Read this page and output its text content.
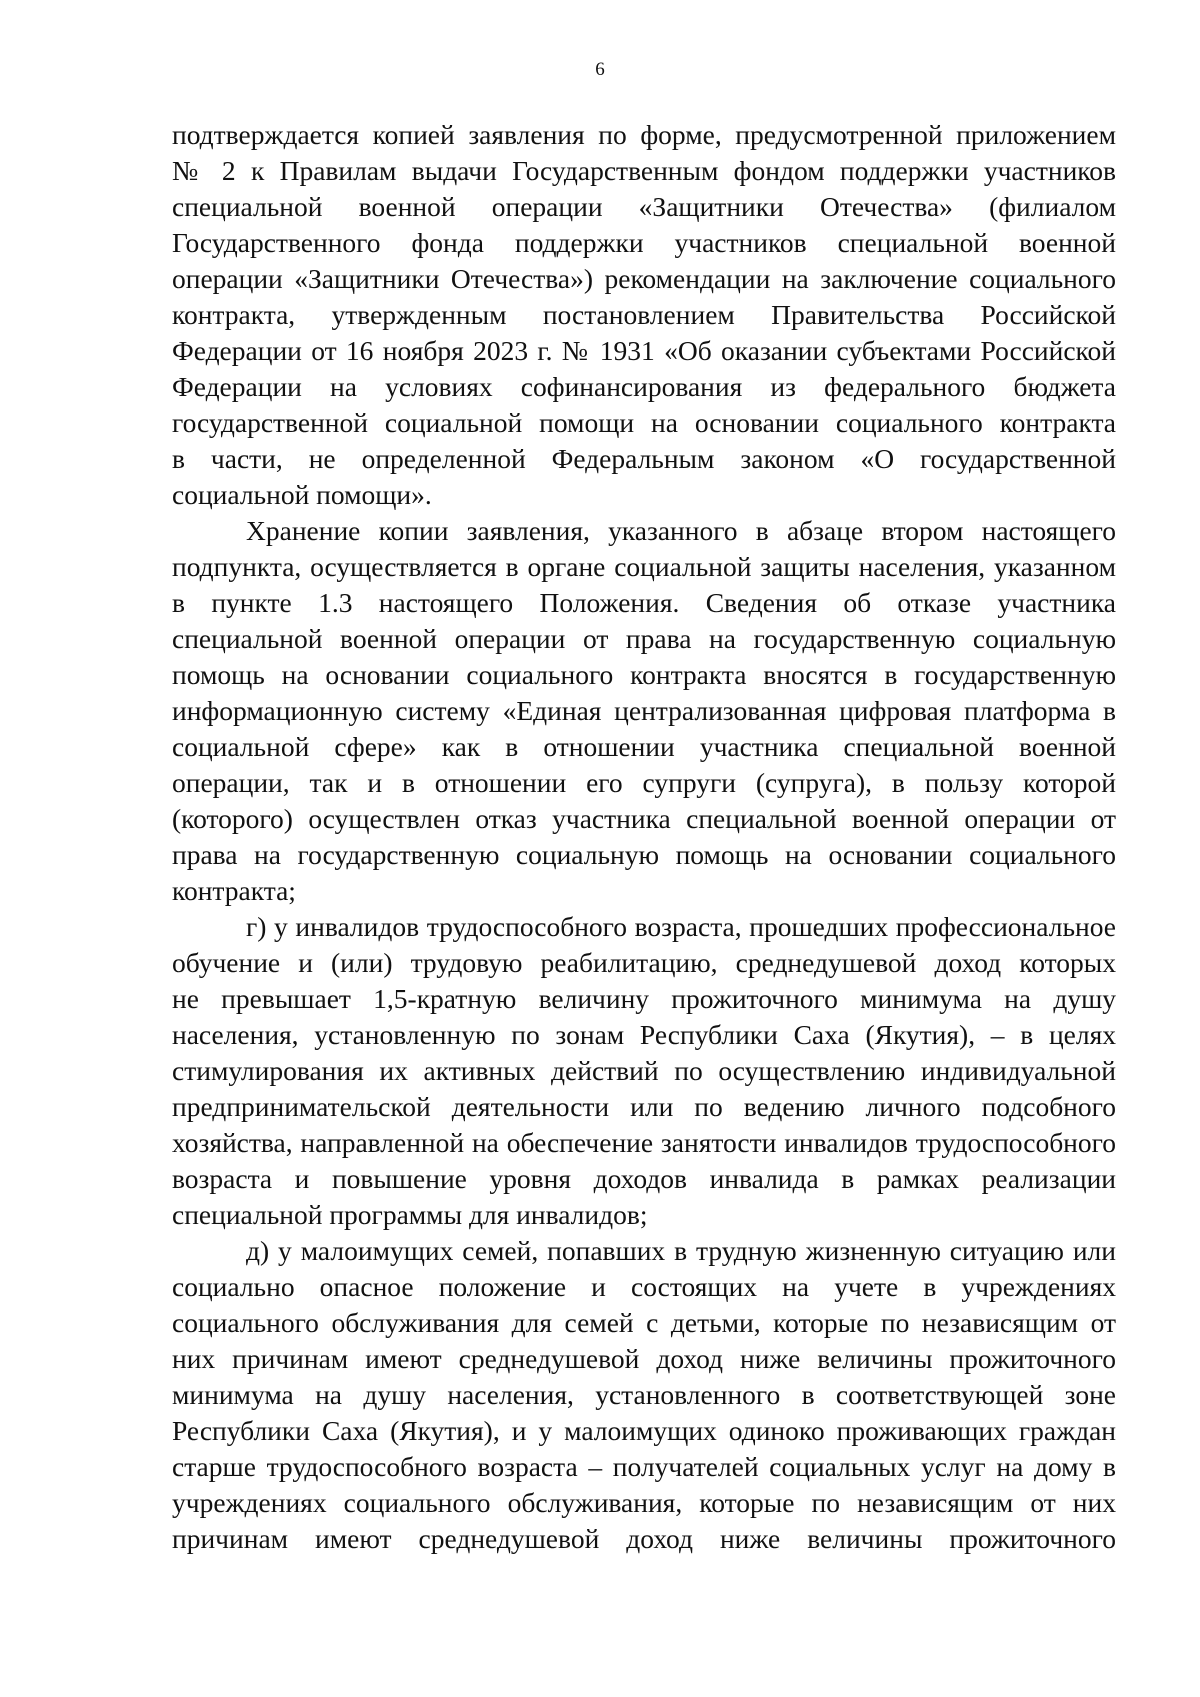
6
подтверждается копией заявления по форме, предусмотренной приложением
№ 2 к Правилам выдачи Государственным фондом поддержки участников
специальной военной операции «Защитники Отечества» (филиалом
Государственного фонда поддержки участников специальной военной
операции «Защитники Отечества») рекомендации на заключение социального
контракта, утвержденным постановлением Правительства Российской
Федерации от 16 ноября 2023 г. № 1931 «Об оказании субъектами Российской
Федерации на условиях софинансирования из федерального бюджета
государственной социальной помощи на основании социального контракта
в части, не определенной Федеральным законом «О государственной
социальной помощи».
Хранение копии заявления, указанного в абзаце втором настоящего
подпункта, осуществляется в органе социальной защиты населения, указанном
в пункте 1.3 настоящего Положения. Сведения об отказе участника
специальной военной операции от права на государственную социальную
помощь на основании социального контракта вносятся в государственную
информационную систему «Единая централизованная цифровая платформа в
социальной сфере» как в отношении участника специальной военной
операции, так и в отношении его супруги (супруга), в пользу которой
(которого) осуществлен отказ участника специальной военной операции от
права на государственную социальную помощь на основании социального
контракта;
г) у инвалидов трудоспособного возраста, прошедших профессиональное
обучение и (или) трудовую реабилитацию, среднедушевой доход которых
не превышает 1,5-кратную величину прожиточного минимума на душу
населения, установленную по зонам Республики Саха (Якутия), – в целях
стимулирования их активных действий по осуществлению индивидуальной
предпринимательской деятельности или по ведению личного подсобного
хозяйства, направленной на обеспечение занятости инвалидов трудоспособного
возраста и повышение уровня доходов инвалида в рамках реализации
специальной программы для инвалидов;
д) у малоимущих семей, попавших в трудную жизненную ситуацию или
социально опасное положение и состоящих на учете в учреждениях
социального обслуживания для семей с детьми, которые по независящим от
них причинам имеют среднедушевой доход ниже величины прожиточного
минимума на душу населения, установленного в соответствующей зоне
Республики Саха (Якутия), и у малоимущих одиноко проживающих граждан
старше трудоспособного возраста – получателей социальных услуг на дому в
учреждениях социального обслуживания, которые по независящим от них
причинам имеют среднедушевой доход ниже величины прожиточного
